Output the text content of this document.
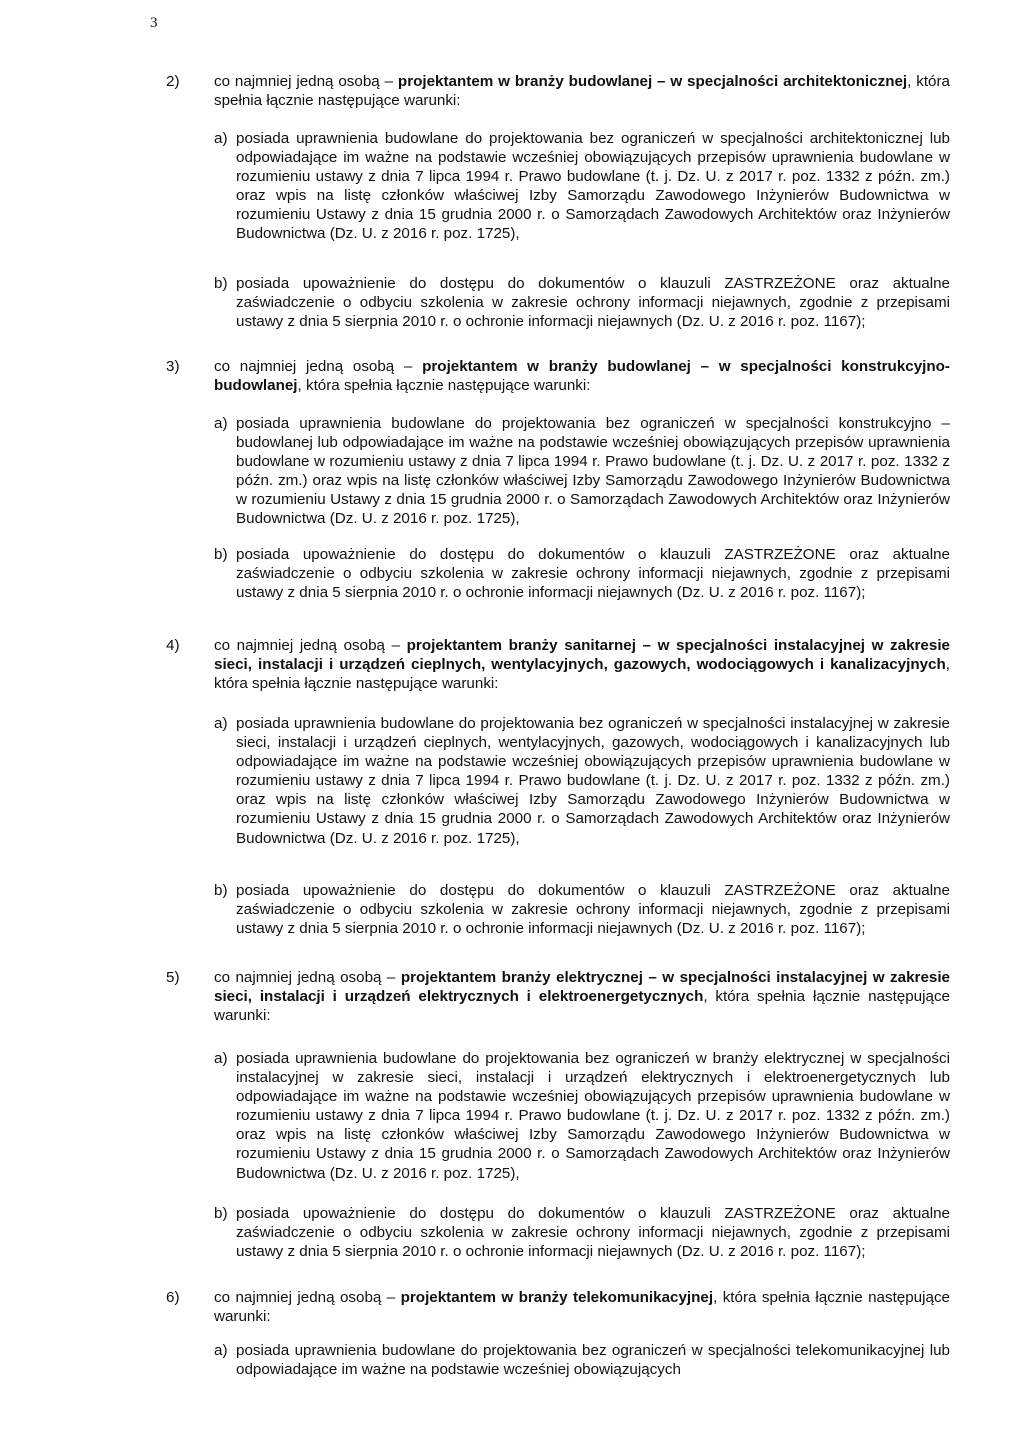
3
2) co najmniej jedną osobą – projektantem w branży budowlanej – w specjalności architektonicznej, która spełnia łącznie następujące warunki:
a) posiada uprawnienia budowlane do projektowania bez ograniczeń w specjalności architektonicznej lub odpowiadające im ważne na podstawie wcześniej obowiązujących przepisów uprawnienia budowlane w rozumieniu ustawy z dnia 7 lipca 1994 r. Prawo budowlane (t. j. Dz. U. z 2017 r. poz. 1332 z późn. zm.) oraz wpis na listę członków właściwej Izby Samorządu Zawodowego Inżynierów Budownictwa w rozumieniu Ustawy z dnia 15 grudnia 2000 r. o Samorządach Zawodowych Architektów oraz Inżynierów Budownictwa (Dz. U. z 2016 r. poz. 1725),
b) posiada upoważnienie do dostępu do dokumentów o klauzuli ZASTRZEŻONE oraz aktualne zaświadczenie o odbyciu szkolenia w zakresie ochrony informacji niejawnych, zgodnie z przepisami ustawy z dnia 5 sierpnia 2010 r. o ochronie informacji niejawnych (Dz. U. z 2016 r. poz. 1167);
3) co najmniej jedną osobą – projektantem w branży budowlanej – w specjalności konstrukcyjno-budowlanej, która spełnia łącznie następujące warunki:
a) posiada uprawnienia budowlane do projektowania bez ograniczeń w specjalności konstrukcyjno – budowlanej lub odpowiadające im ważne na podstawie wcześniej obowiązujących przepisów uprawnienia budowlane w rozumieniu ustawy z dnia 7 lipca 1994 r. Prawo budowlane (t. j. Dz. U. z 2017 r. poz. 1332 z późn. zm.) oraz wpis na listę członków właściwej Izby Samorządu Zawodowego Inżynierów Budownictwa w rozumieniu Ustawy z dnia 15 grudnia 2000 r. o Samorządach Zawodowych Architektów oraz Inżynierów Budownictwa (Dz. U. z 2016 r. poz. 1725),
b) posiada upoważnienie do dostępu do dokumentów o klauzuli ZASTRZEŻONE oraz aktualne zaświadczenie o odbyciu szkolenia w zakresie ochrony informacji niejawnych, zgodnie z przepisami ustawy z dnia 5 sierpnia 2010 r. o ochronie informacji niejawnych (Dz. U. z 2016 r. poz. 1167);
4) co najmniej jedną osobą – projektantem branży sanitarnej – w specjalności instalacyjnej w zakresie sieci, instalacji i urządzeń cieplnych, wentylacyjnych, gazowych, wodociągowych i kanalizacyjnych, która spełnia łącznie następujące warunki:
a) posiada uprawnienia budowlane do projektowania bez ograniczeń w specjalności instalacyjnej w zakresie sieci, instalacji i urządzeń cieplnych, wentylacyjnych, gazowych, wodociągowych i kanalizacyjnych lub odpowiadające im ważne na podstawie wcześniej obowiązujących przepisów uprawnienia budowlane w rozumieniu ustawy z dnia 7 lipca 1994 r. Prawo budowlane (t. j. Dz. U. z 2017 r. poz. 1332 z późn. zm.) oraz wpis na listę członków właściwej Izby Samorządu Zawodowego Inżynierów Budownictwa w rozumieniu Ustawy z dnia 15 grudnia 2000 r. o Samorządach Zawodowych Architektów oraz Inżynierów Budownictwa (Dz. U. z 2016 r. poz. 1725),
b) posiada upoważnienie do dostępu do dokumentów o klauzuli ZASTRZEŻONE oraz aktualne zaświadczenie o odbyciu szkolenia w zakresie ochrony informacji niejawnych, zgodnie z przepisami ustawy z dnia 5 sierpnia 2010 r. o ochronie informacji niejawnych (Dz. U. z 2016 r. poz. 1167);
5) co najmniej jedną osobą – projektantem branży elektrycznej – w specjalności instalacyjnej w zakresie sieci, instalacji i urządzeń elektrycznych i elektroenergetycznych, która spełnia łącznie następujące warunki:
a) posiada uprawnienia budowlane do projektowania bez ograniczeń w branży elektrycznej w specjalności instalacyjnej w zakresie sieci, instalacji i urządzeń elektrycznych i elektroenergetycznych lub odpowiadające im ważne na podstawie wcześniej obowiązujących przepisów uprawnienia budowlane w rozumieniu ustawy z dnia 7 lipca 1994 r. Prawo budowlane (t. j. Dz. U. z 2017 r. poz. 1332 z późn. zm.) oraz wpis na listę członków właściwej Izby Samorządu Zawodowego Inżynierów Budownictwa w rozumieniu Ustawy z dnia 15 grudnia 2000 r. o Samorządach Zawodowych Architektów oraz Inżynierów Budownictwa (Dz. U. z 2016 r. poz. 1725),
b) posiada upoważnienie do dostępu do dokumentów o klauzuli ZASTRZEŻONE oraz aktualne zaświadczenie o odbyciu szkolenia w zakresie ochrony informacji niejawnych, zgodnie z przepisami ustawy z dnia 5 sierpnia 2010 r. o ochronie informacji niejawnych (Dz. U. z 2016 r. poz. 1167);
6) co najmniej jedną osobą – projektantem w branży telekomunikacyjnej, która spełnia łącznie następujące warunki:
a) posiada uprawnienia budowlane do projektowania bez ograniczeń w specjalności telekomunikacyjnej lub odpowiadające im ważne na podstawie wcześniej obowiązujących
